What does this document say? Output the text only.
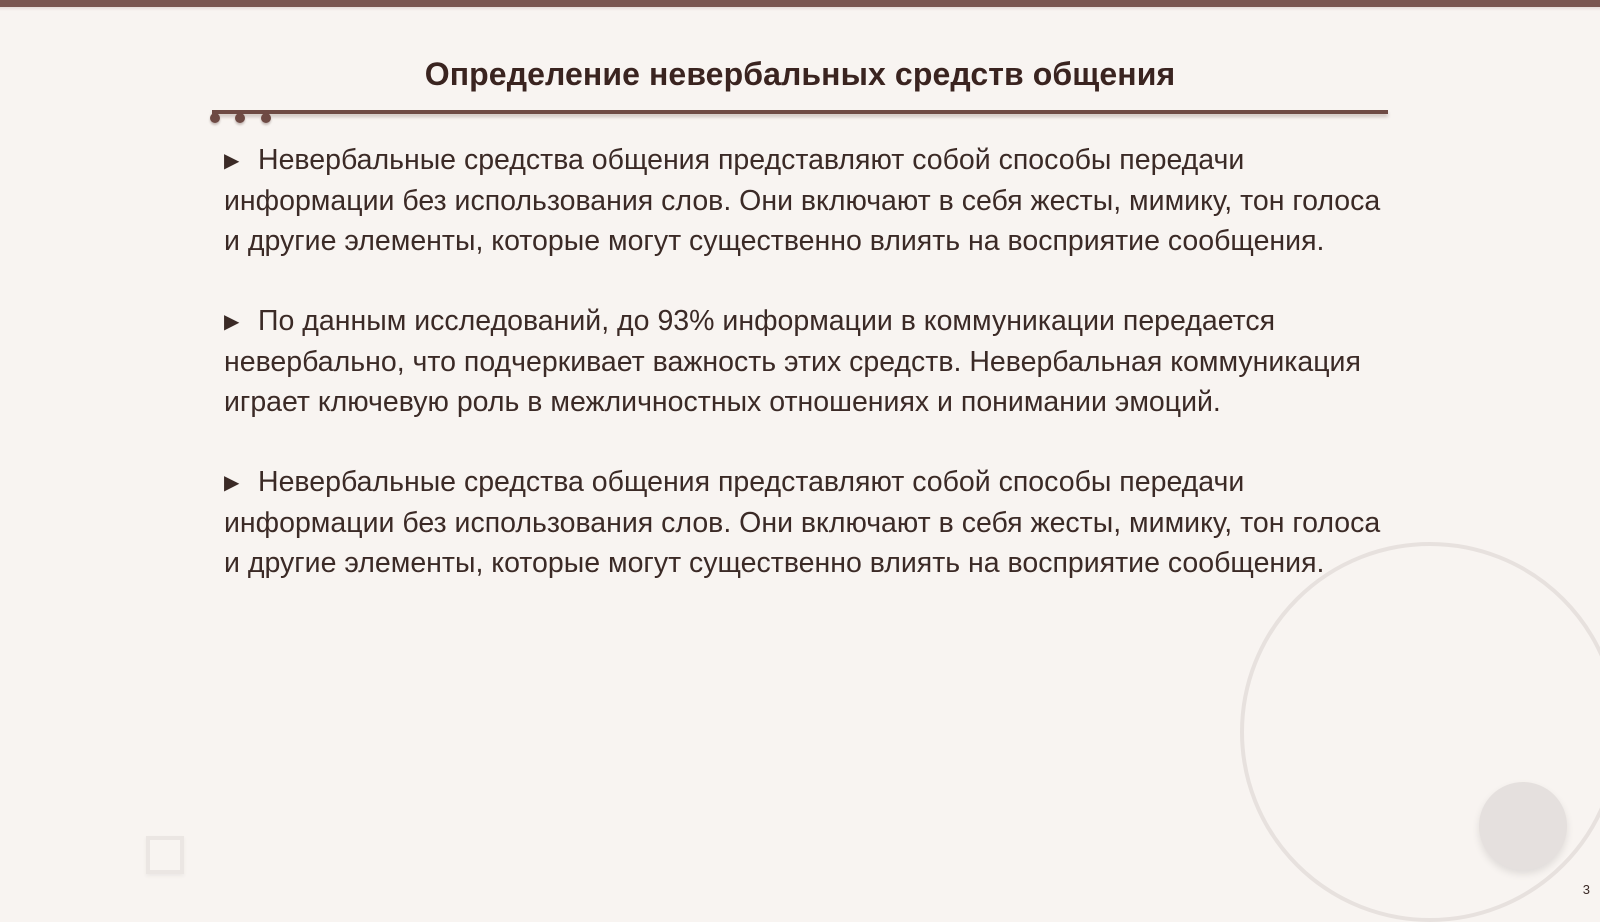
Определение невербальных средств общения

▶ Невербальные средства общения представляют собой способы передачи информации без использования слов. Они включают в себя жесты, мимику, тон голоса и другие элементы, которые могут существенно влиять на восприятие сообщения.

▶ По данным исследований, до 93% информации в коммуникации передается невербально, что подчеркивает важность этих средств. Невербальная коммуникация играет ключевую роль в межличностных отношениях и понимании эмоций.

▶ Невербальные средства общения представляют собой способы передачи информации без использования слов. Они включают в себя жесты, мимику, тон голоса и другие элементы, которые могут существенно влиять на восприятие сообщения.

3
